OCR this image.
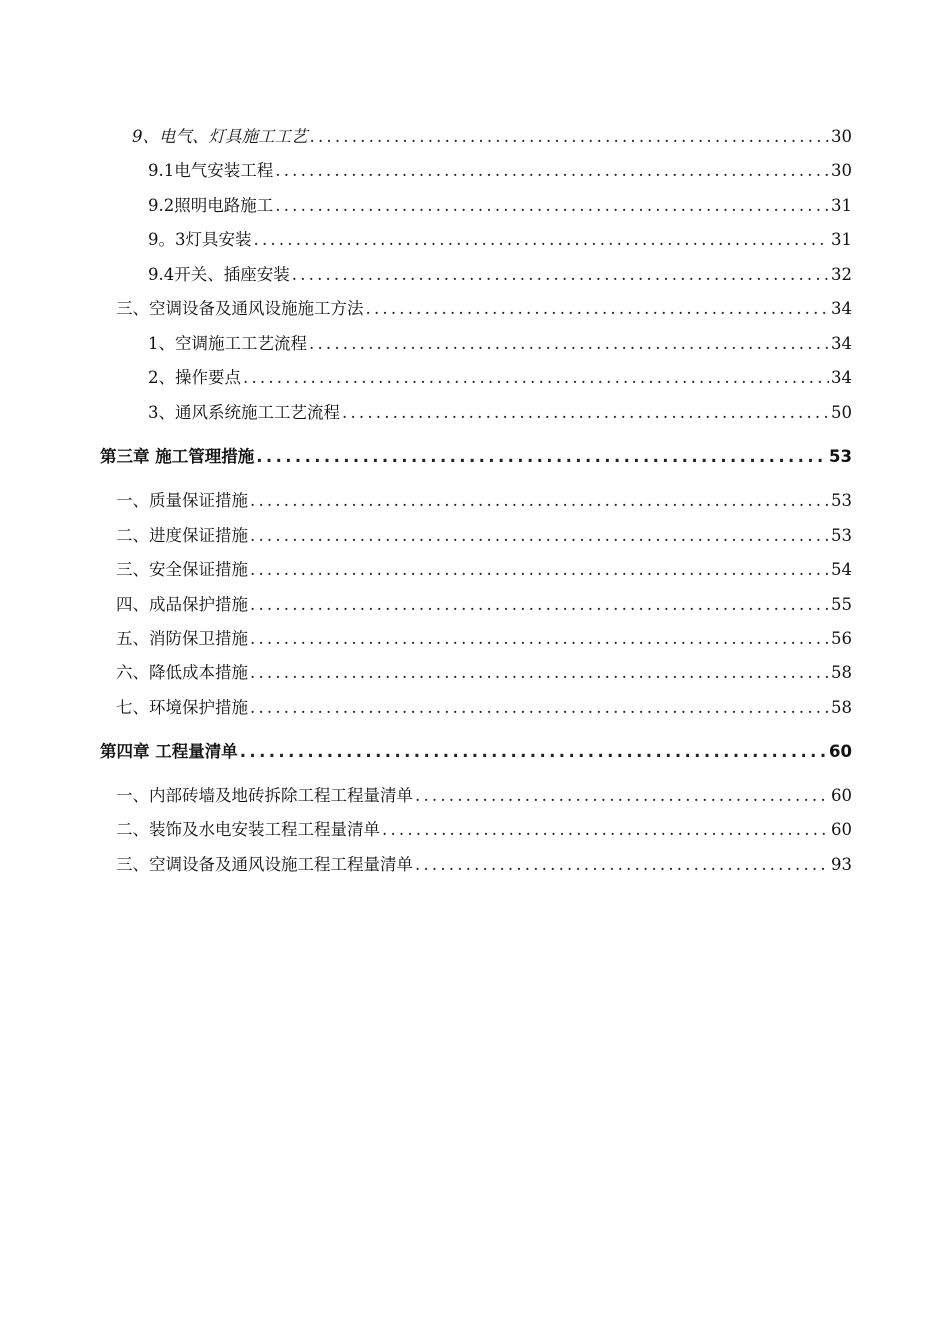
9、电气、灯具施工工艺 .....	30
9.1电气安装工程 .....	30
9.2照明电路施工 .....	31
9。3灯具安装 .....	31
9.4开关、插座安装 .....	32
三、空调设备及通风设施施工方法 .....	34
1、空调施工工艺流程 .....	34
2、操作要点 .....	34
3、通风系统施工工艺流程 .....	50
第三章 施工管理措施 .....	53
一、质量保证措施 .....	53
二、进度保证措施 .....	53
三、安全保证措施 .....	54
四、成品保护措施 .....	55
五、消防保卫措施 .....	56
六、降低成本措施 .....	58
七、环境保护措施 .....	58
第四章 工程量清单 .....	60
一、内部砖墙及地砖拆除工程工程量清单 .....	60
二、装饰及水电安装工程工程量清单 .....	60
三、空调设备及通风设施工程工程量清单 .....	93
